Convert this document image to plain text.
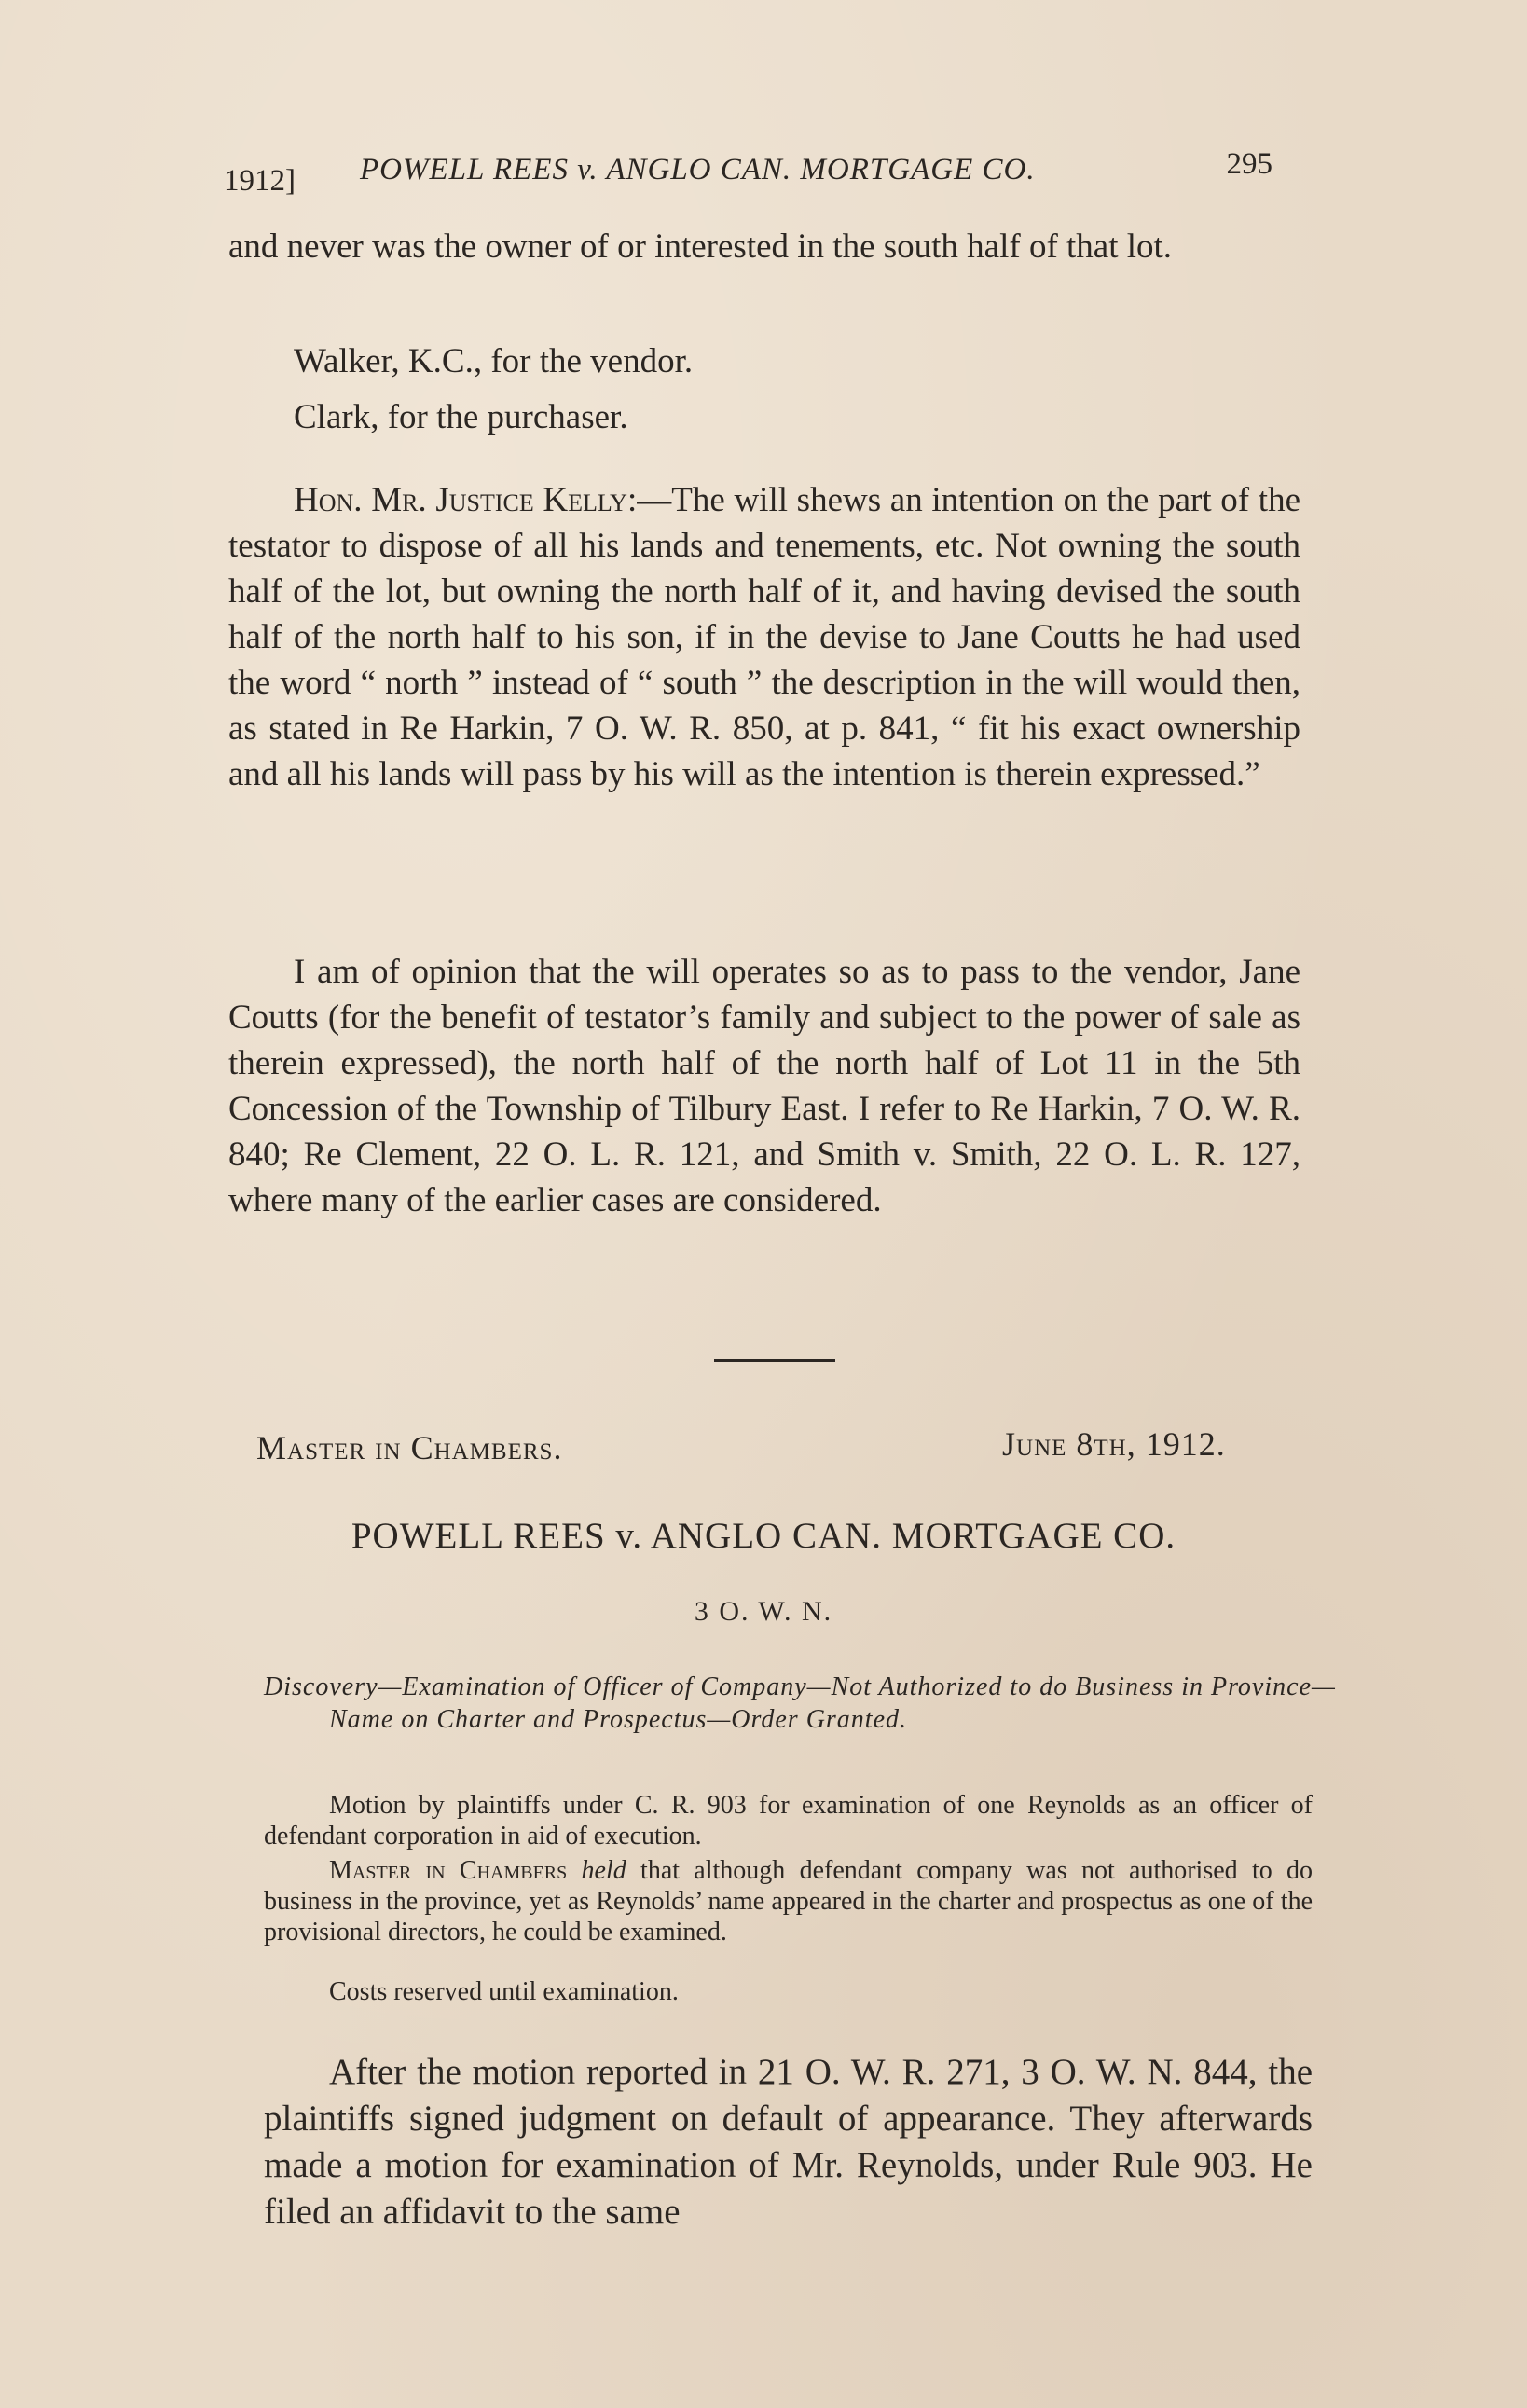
1912] POWELL REES v. ANGLO CAN. MORTGAGE CO.	295
and never was the owner of or interested in the south half of that lot.
Walker, K.C., for the vendor.
Clark, for the purchaser.
Hon. Mr. Justice Kelly:—The will shews an intention on the part of the testator to dispose of all his lands and tenements, etc. Not owning the south half of the lot, but owning the north half of it, and having devised the south half of the north half to his son, if in the devise to Jane Coutts he had used the word “ north ” instead of “ south ” the description in the will would then, as stated in Re Harkin, 7 O. W. R. 850, at p. 841, “ fit his exact ownership and all his lands will pass by his will as the intention is therein expressed.”
I am of opinion that the will operates so as to pass to the vendor, Jane Coutts (for the benefit of testator’s family and subject to the power of sale as therein expressed), the north half of the north half of Lot 11 in the 5th Concession of the Township of Tilbury East. I refer to Re Harkin, 7 O. W. R. 840; Re Clement, 22 O. L. R. 121, and Smith v. Smith, 22 O. L. R. 127, where many of the earlier cases are considered.
Master in Chambers.	June 8th, 1912.
POWELL REES v. ANGLO CAN. MORTGAGE CO.
3 O. W. N.
Discovery—Examination of Officer of Company—Not Authorized to do Business in Province—Name on Charter and Prospectus—Order Granted.
Motion by plaintiffs under C. R. 903 for examination of one Reynolds as an officer of defendant corporation in aid of execution.
Master in Chambers held that although defendant company was not authorised to do business in the province, yet as Reynolds’ name appeared in the charter and prospectus as one of the provisional directors, he could be examined.
Costs reserved until examination.
After the motion reported in 21 O. W. R. 271, 3 O. W. N. 844, the plaintiffs signed judgment on default of appearance. They afterwards made a motion for examination of Mr. Reynolds, under Rule 903. He filed an affidavit to the same
